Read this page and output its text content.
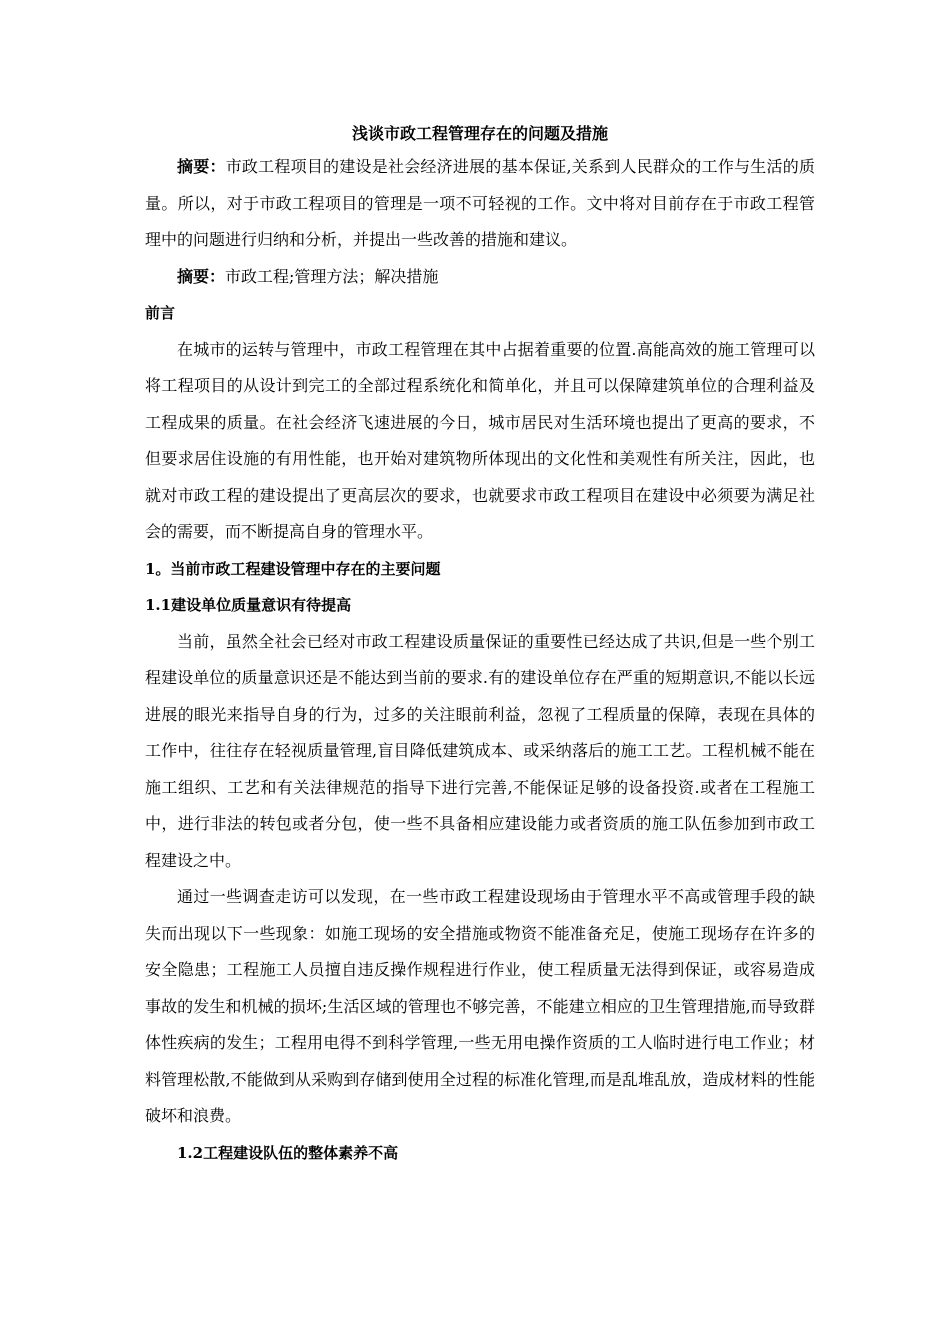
浅谈市政工程管理存在的问题及措施

摘要：市政工程项目的建设是社会经济进展的基本保证,关系到人民群众的工作与生活的质量。所以，对于市政工程项目的管理是一项不可轻视的工作。文中将对目前存在于市政工程管理中的问题进行归纳和分析，并提出一些改善的措施和建议。

摘要：市政工程;管理方法；解决措施

前言

在城市的运转与管理中，市政工程管理在其中占据着重要的位置.高能高效的施工管理可以将工程项目的从设计到完工的全部过程系统化和简单化，并且可以保障建筑单位的合理利益及工程成果的质量。在社会经济飞速进展的今日，城市居民对生活环境也提出了更高的要求，不但要求居住设施的有用性能，也开始对建筑物所体现出的文化性和美观性有所关注，因此，也就对市政工程的建设提出了更高层次的要求，也就要求市政工程项目在建设中必须要为满足社会的需要，而不断提高自身的管理水平。

1。当前市政工程建设管理中存在的主要问题
1.1建设单位质量意识有待提高

当前，虽然全社会已经对市政工程建设质量保证的重要性已经达成了共识,但是一些个别工程建设单位的质量意识还是不能达到当前的要求.有的建设单位存在严重的短期意识,不能以长远进展的眼光来指导自身的行为，过多的关注眼前利益，忽视了工程质量的保障，表现在具体的工作中，往往存在轻视质量管理,盲目降低建筑成本、或采纳落后的施工工艺。工程机械不能在施工组织、工艺和有关法律规范的指导下进行完善,不能保证足够的设备投资.或者在工程施工中，进行非法的转包或者分包，使一些不具备相应建设能力或者资质的施工队伍参加到市政工程建设之中。

通过一些调查走访可以发现，在一些市政工程建设现场由于管理水平不高或管理手段的缺失而出现以下一些现象：如施工现场的安全措施或物资不能准备充足，使施工现场存在许多的安全隐患；工程施工人员擅自违反操作规程进行作业，使工程质量无法得到保证，或容易造成事故的发生和机械的损坏;生活区域的管理也不够完善，不能建立相应的卫生管理措施,而导致群体性疾病的发生；工程用电得不到科学管理,一些无用电操作资质的工人临时进行电工作业；材料管理松散,不能做到从采购到存储到使用全过程的标准化管理,而是乱堆乱放，造成材料的性能破坏和浪费。

1.2工程建设队伍的整体素养不高
